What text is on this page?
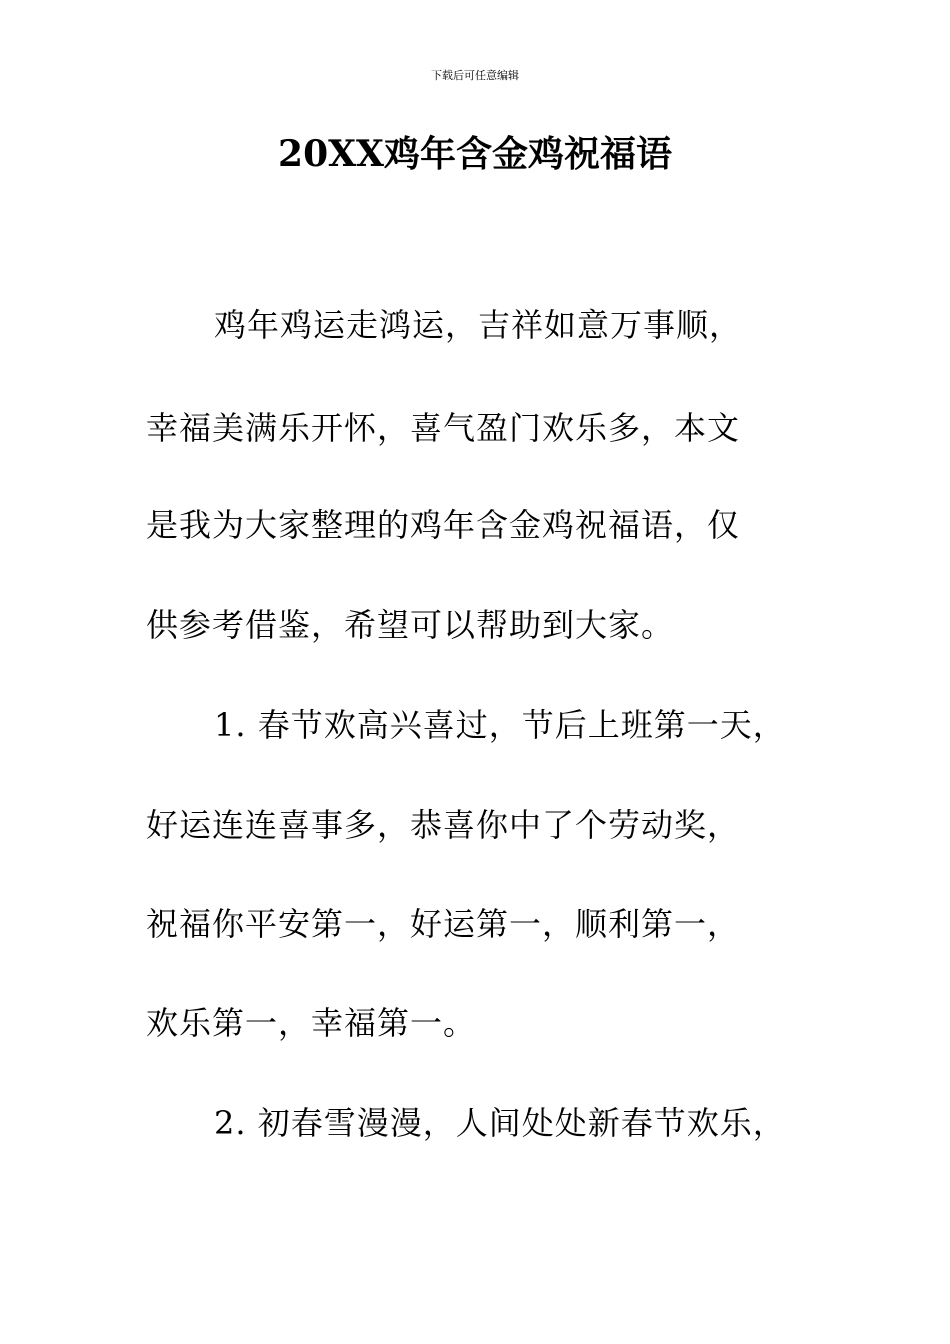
下载后可任意编辑
20XX鸡年含金鸡祝福语
鸡年鸡运走鸿运，吉祥如意万事顺，
幸福美满乐开怀，喜气盈门欢乐多，本文
是我为大家整理的鸡年含金鸡祝福语，仅
供参考借鉴，希望可以帮助到大家。
1. 春节欢高兴喜过，节后上班第一天，
好运连连喜事多，恭喜你中了个劳动奖，
祝福你平安第一，好运第一，顺利第一，
欢乐第一，幸福第一。
2. 初春雪漫漫，人间处处新春节欢乐，
